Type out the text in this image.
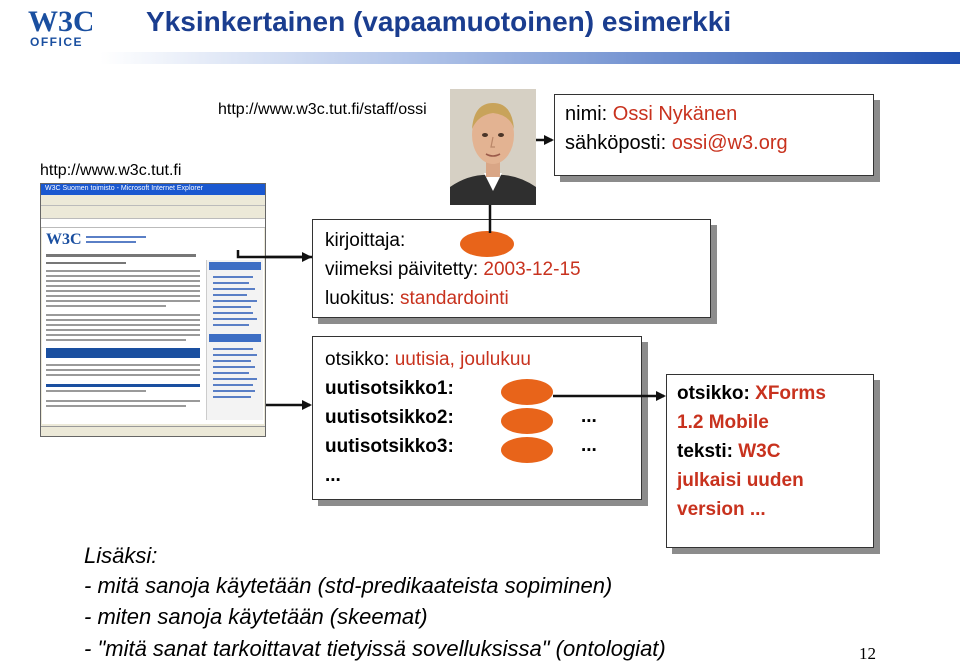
W3C
OFFICE
Yksinkertainen (vapaamuotoinen) esimerkki
http://www.w3c.tut.fi/staff/ossi
http://www.w3c.tut.fi
W3C Suomen toimisto - Microsoft Internet Explorer
W3C
nimi: Ossi Nykänen
sähköposti: ossi@w3.org
kirjoittaja:
viimeksi päivitetty: 2003-12-15
luokitus: standardointi
otsikko: uutisia, joulukuu
uutisotsikko1:
uutisotsikko2:
uutisotsikko3:
...
...
...
otsikko: XForms
1.2 Mobile
teksti: W3C
julkaisi uuden
version ...
Lisäksi:
- mitä sanoja käytetään (std-predikaateista sopiminen)
- miten sanoja käytetään (skeemat)
- "mitä sanat tarkoittavat tietyissä sovelluksissa" (ontologiat)	12
